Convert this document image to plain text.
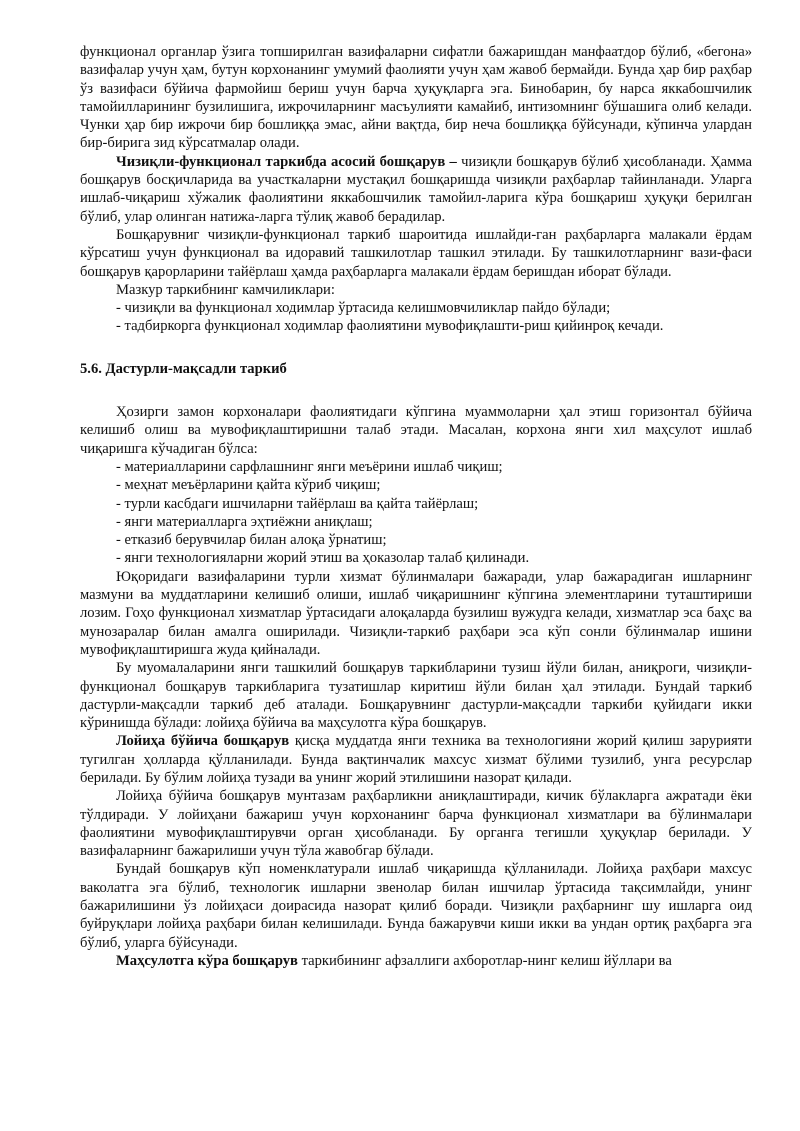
функционал органлар ўзига топширилган вазифаларни сифатли бажаришдан манфаатдор бўлиб, «бегона» вазифалар учун ҳам, бутун корхонанинг умумий фаолияти учун ҳам жавоб бермайди. Бунда ҳар бир раҳбар ўз вазифаси бўйича фармойиш бериш учун барча ҳуқуқларга эга. Бинобарин, бу нарса яккабошчилик тамойилларининг бузилишига, ижрочиларнинг масъулияти камайиб, интизомнинг бўшашига олиб келади. Чунки ҳар бир ижрочи бир бошлиққа эмас, айни вақтда, бир неча бошлиққа бўйсунади, кўпинча улардан бир-бирига зид кўрсатмалар олади.

Чизиқли-функционал таркибда асосий бошқарув – чизиқли бошқарув бўлиб ҳисобланади. Ҳамма бошқарув босқичларида ва участкаларни мустақил бошқаришда чизиқли раҳбарлар тайинланади. Уларга ишлаб-чиқариш хўжалик фаолиятини яккабошчилик тамойил-ларига кўра бошқариш ҳуқуқи берилган бўлиб, улар олинган натижа-ларга тўлиқ жавоб берадилар.

Бошқарувниг чизиқли-функционал таркиб шароитида ишлайди-ган раҳбарларга малакали ёрдам кўрсатиш учун функционал ва идоравий ташкилотлар ташкил этилади. Бу ташкилотларнинг вази-фаси бошқарув қарорларини тайёрлаш ҳамда раҳбарларга малакали ёрдам беришдан иборат бўлади.

Мазкур таркибнинг камчиликлари:

- чизиқли ва функционал ходимлар ўртасида келишмовчиликлар пайдо бўлади;

- тадбиркорга функционал ходимлар фаолиятини мувофиқлашти-риш қийинроқ кечади.

5.6. Дастурли-мақсадли таркиб

Ҳозирги замон корхоналари фаолиятидаги кўпгина муаммоларни ҳал этиш горизонтал бўйича келишиб олиш ва мувофиқлаштиришни талаб этади. Масалан, корхона янги хил маҳсулот ишлаб чиқаришга кўчадиган бўлса:

- материалларини сарфлашнинг янги меъёрини ишлаб чиқиш;

- меҳнат меъёрларини қайта кўриб чиқиш;

- турли касбдаги ишчиларни тайёрлаш ва қайта тайёрлаш;

- янги материалларга эҳтиёжни аниқлаш;

- етказиб берувчилар билан алоқа ўрнатиш;

- янги технологияларни жорий этиш ва ҳоказолар талаб қилинади.

Юқоридаги вазифаларини турли хизмат бўлинмалари бажаради, улар бажарадиган ишларнинг мазмуни ва муддатларини келишиб олиши, ишлаб чиқаришнинг кўпгина элементларини туташтириши лозим. Гоҳо функционал хизматлар ўртасидаги алоқаларда бузилиш вужудга келади, хизматлар эса баҳс ва мунозаралар билан амалга оширилади. Чизиқли-таркиб раҳбари эса кўп сонли бўлинмалар ишини мувофиқлаштиришга жуда қийналади.

Бу муомалаларини янги ташкилий бошқарув таркибларини тузиш йўли билан, аниқроги, чизиқли-функционал бошқарув таркибларига тузатишлар киритиш йўли билан ҳал этилади. Бундай таркиб дастурли-мақсадли таркиб деб аталади. Бошқарувнинг дастурли-мақсадли таркиби қуйидаги икки кўринишда бўлади: лойиҳа бўйича ва маҳсулотга кўра бошқарув.

Лойиҳа бўйича бошқарув қисқа муддатда янги техника ва технологияни жорий қилиш зарурияти тугилган ҳолларда қўлланилади. Бунда вақтинчалик махсус хизмат бўлими тузилиб, унга ресурслар берилади. Бу бўлим лойиҳа тузади ва унинг жорий этилишини назорат қилади.

Лойиҳа бўйича бошқарув мунтазам раҳбарликни аниқлаштиради, кичик бўлакларга ажратади ёки тўлдиради. У лойиҳани бажариш учун корхонанинг барча функционал хизматлари ва бўлинмалари фаолиятини мувофиқлаштирувчи орган ҳисобланади. Бу органга тегишли ҳуқуқлар берилади. У вазифаларнинг бажарилиши учун тўла жавобгар бўлади.

Бундай бошқарув кўп номенклатурали ишлаб чиқаришда қўлланилади. Лойиҳа раҳбари махсус ваколатга эга бўлиб, технологик ишларни звенолар билан ишчилар ўртасида тақсимлайди, унинг бажарилишини ўз лойиҳаси доирасида назорат қилиб боради. Чизиқли раҳбарнинг шу ишларга оид буйруқлари лойиҳа раҳбари билан келишилади. Бунда бажарувчи киши икки ва ундан ортиқ раҳбарга эга бўлиб, уларга бўйсунади.

Маҳсулотга кўра бошқарув таркибининг афзаллиги ахборотлар-нинг келиш йўллари ва
